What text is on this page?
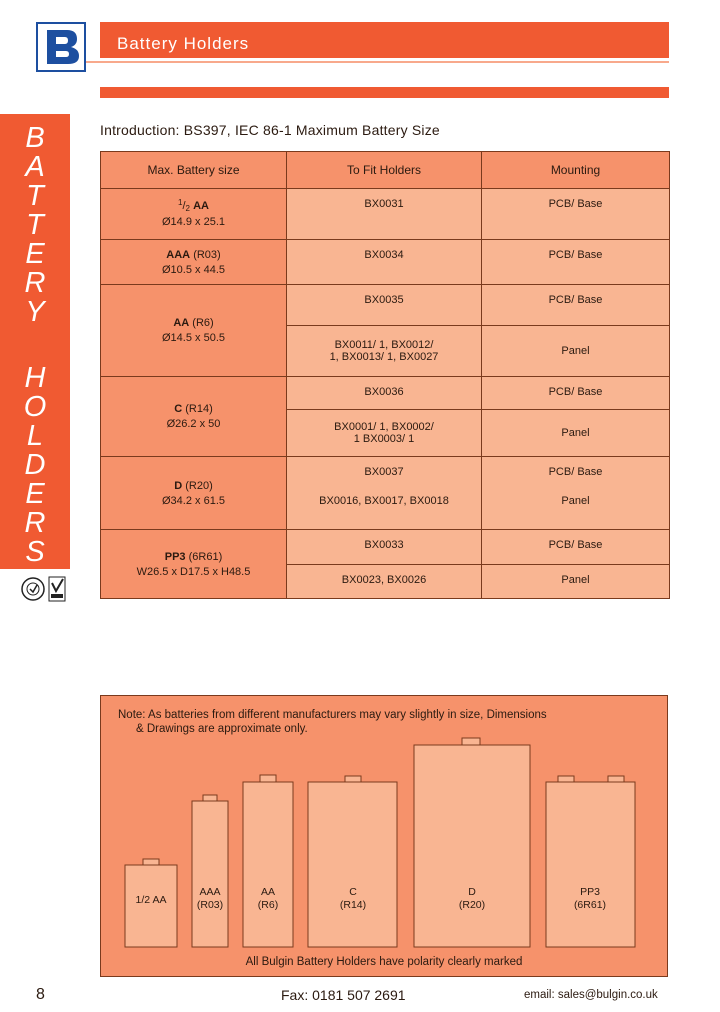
Battery Holders
B
A
T
T
E
R
Y
H
O
L
D
E
R
S
Introduction: BS397, IEC 86-1 Maximum Battery Size
Max. Battery size	To Fit Holders	Mounting
$^1/_2$ AA
Ø14.9 x 25.1	BX0031	PCB/ Base
AAA (R03)
Ø10.5 x 44.5	BX0034	PCB/ Base
AA (R6)
Ø14.5 x 50.5	BX0035	PCB/ Base
	BX0011/ 1, BX0012/ 1, BX0013/ 1, BX0027	Panel
C (R14)
Ø26.2 x 50	BX0036	PCB/ Base
	BX0001/ 1, BX0002/ 1 BX0003/ 1	Panel
D (R20)
Ø34.2 x 61.5	BX0037	PCB/ Base
	BX0016, BX0017, BX0018	Panel
PP3 (6R61)
W26.5 x D17.5 x H48.5	BX0033	PCB/ Base
	BX0023, BX0026	Panel
Note: As batteries from different manufacturers may vary slightly in size, Dimensions
& Drawings are approximate only.
1/2 AA
AAA
(R03)
AA
(R6)
C
(R14)
D
(R20)
PP3
(6R61)
All Bulgin Battery Holders have polarity clearly marked
8	Fax: 0181 507 2691	email: sales@bulgin.co.uk
